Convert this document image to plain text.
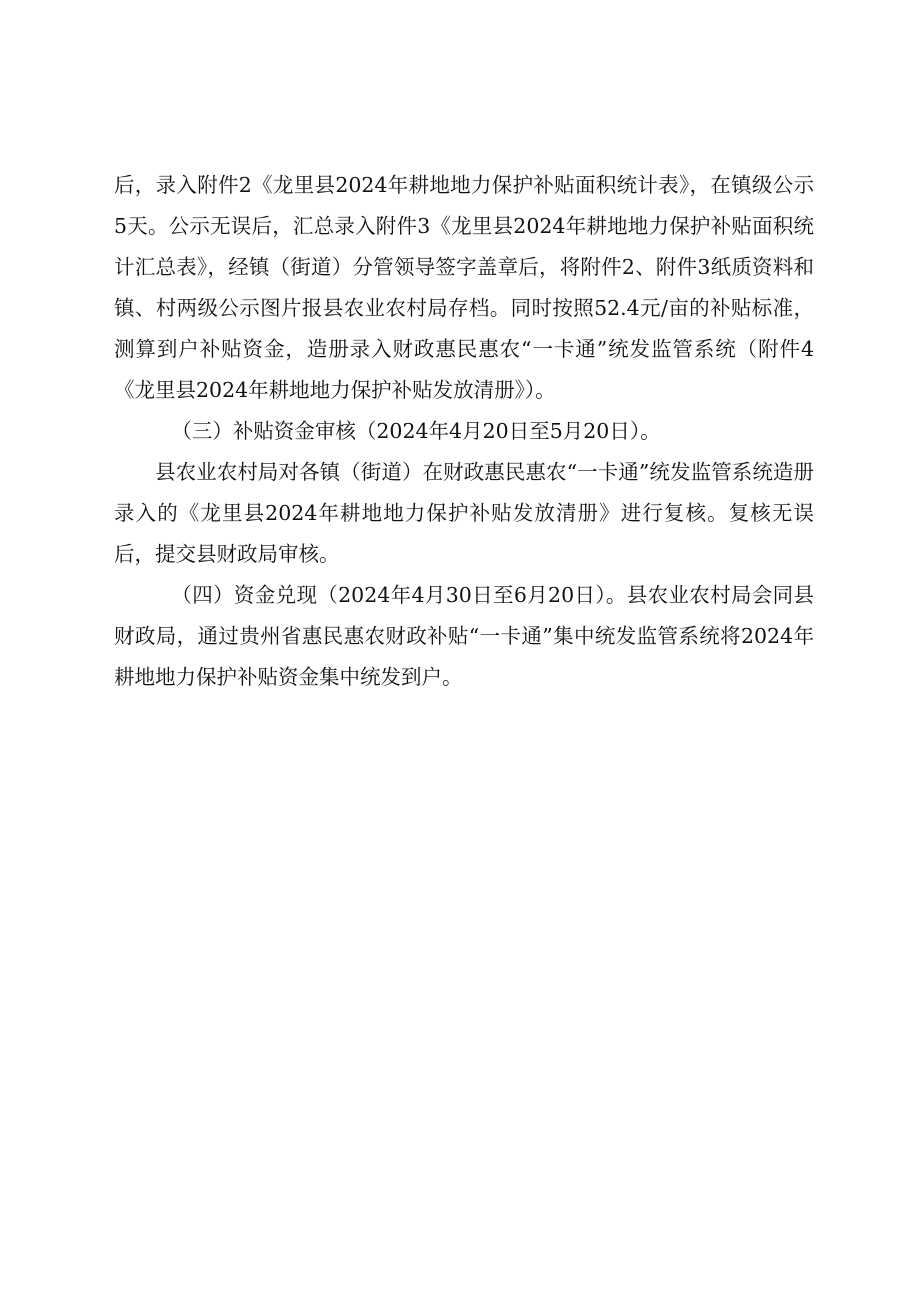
后，录入附件2《龙里县2024年耕地地力保护补贴面积统计表》，在镇级公示5天。公示无误后，汇总录入附件3《龙里县2024年耕地地力保护补贴面积统计汇总表》，经镇（街道）分管领导签字盖章后，将附件2、附件3纸质资料和镇、村两级公示图片报县农业农村局存档。同时按照52.4元/亩的补贴标准，测算到户补贴资金，造册录入财政惠民惠农“一卡通”统发监管系统（附件4《龙里县2024年耕地地力保护补贴发放清册》）。

（三）补贴资金审核（2024年4月20日至5月20日）。

县农业农村局对各镇（街道）在财政惠民惠农“一卡通”统发监管系统造册录入的《龙里县2024年耕地地力保护补贴发放清册》进行复核。复核无误后，提交县财政局审核。

（四）资金兑现（2024年4月30日至6月20日）。县农业农村局会同县财政局，通过贵州省惠民惠农财政补贴“一卡通”集中统发监管系统将2024年耕地地力保护补贴资金集中统发到户。
